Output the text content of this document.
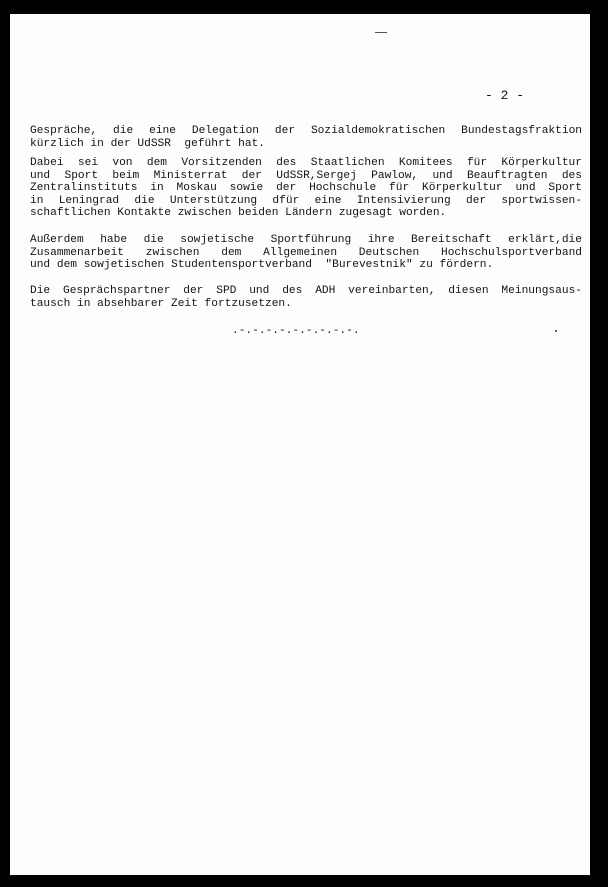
- 2 -
Gespräche, die eine Delegation der Sozialdemokratischen Bundestagsfraktion
kürzlich in der UdSSR  geführt hat.
Dabei sei von dem Vorsitzenden des Staatlichen Komitees für Körperkultur
und Sport beim Ministerrat der UdSSR,Sergej Pawlow, und Beauftragten des
Zentralinstituts in Moskau sowie der Hochschule für Körperkultur und Sport
in Leningrad die Unterstützung dfür eine Intensivierung der sportwissen-
schaftlichen Kontakte zwischen beiden Ländern zugesagt worden.
Außerdem habe die sowjetische Sportführung ihre Bereitschaft erklärt,die
Zusammenarbeit zwischen dem Allgemeinen Deutschen Hochschulsportverband
und dem sowjetischen Studentensportverband  "Burevestnik" zu fördern.
Die Gesprächspartner der SPD und des ADH vereinbarten, diesen Meinungsaus-
tausch in absehbarer Zeit fortzusetzen.
.-.-.-.-.-.-.-.-.-.
